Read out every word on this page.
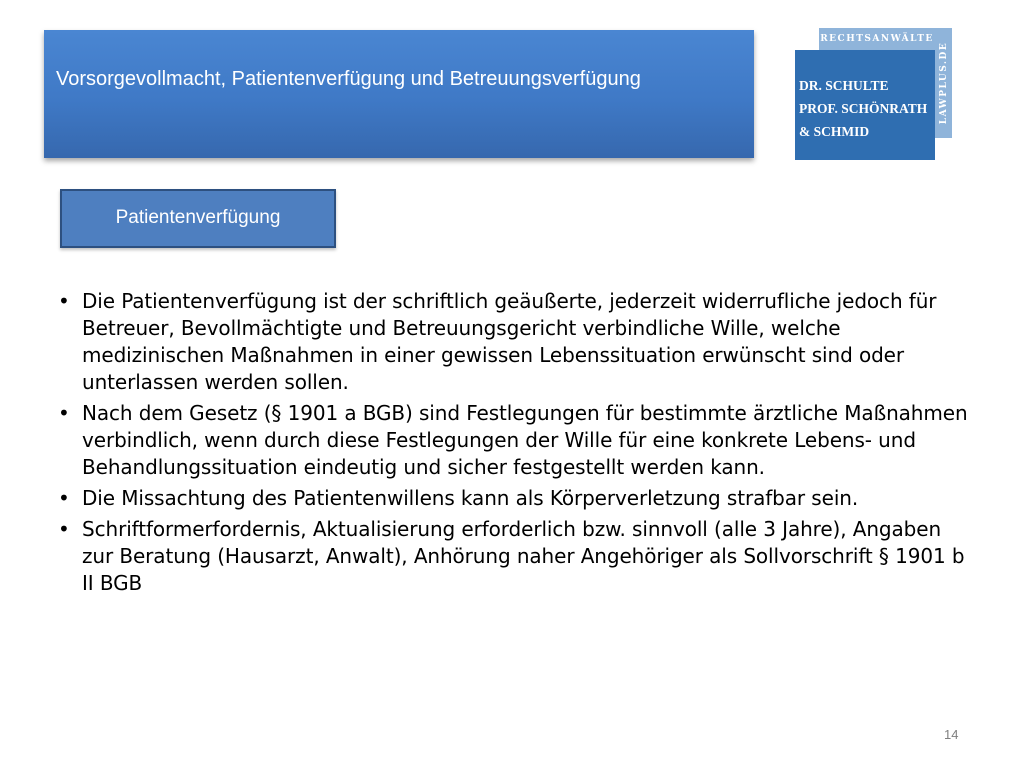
Vorsorgevollmacht, Patientenverfügung und Betreuungsverfügung
RECHTSANWÄLTE
DR. SCHULTE
PROF. SCHÖNRATH
& SCHMID
LAWPLUS.DE
Patientenverfügung
• Die Patientenverfügung ist der schriftlich geäußerte, jederzeit widerrufliche jedoch für Betreuer, Bevollmächtigte und Betreuungsgericht verbindliche Wille, welche medizinischen Maßnahmen in einer gewissen Lebenssituation erwünscht sind oder unterlassen werden sollen.
• Nach dem Gesetz (§ 1901 a BGB) sind Festlegungen für bestimmte ärztliche Maßnahmen verbindlich, wenn durch diese Festlegungen der Wille für eine konkrete Lebens- und Behandlungssituation eindeutig und sicher festgestellt werden kann.
• Die Missachtung des Patientenwillens kann als Körperverletzung strafbar sein.
• Schriftformerfordernis, Aktualisierung erforderlich bzw. sinnvoll (alle 3 Jahre), Angaben zur Beratung (Hausarzt, Anwalt), Anhörung naher Angehöriger als Sollvorschrift § 1901 b II BGB
14
